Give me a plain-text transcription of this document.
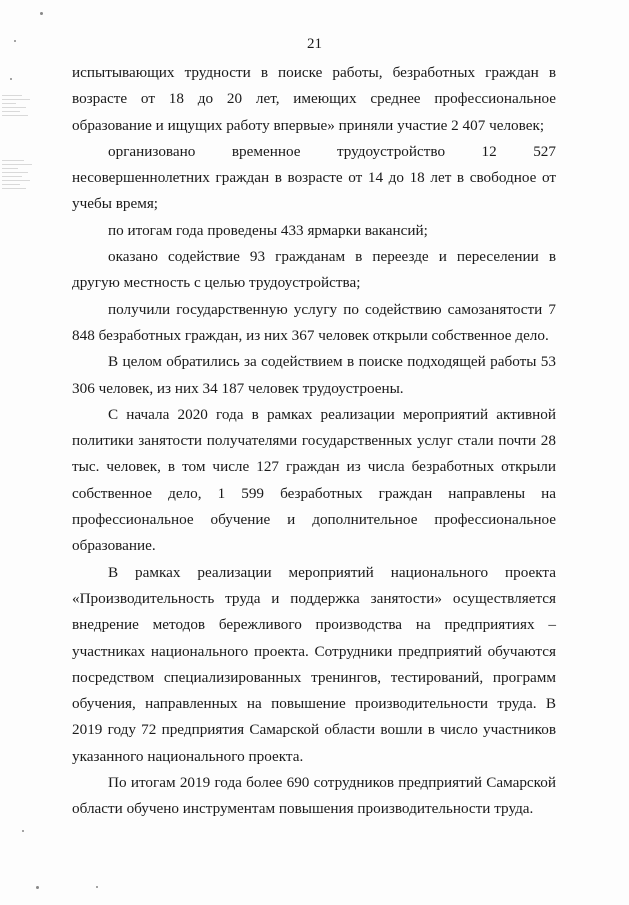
21

испытывающих трудности в поиске работы, безработных граждан в возрасте от 18 до 20 лет, имеющих среднее профессиональное образование и ищущих работу впервые» приняли участие 2 407 человек;

организовано временное трудоустройство 12 527 несовершеннолетних граждан в возрасте от 14 до 18 лет в свободное от учебы время;

по итогам года проведены 433 ярмарки вакансий;

оказано содействие 93 гражданам в переезде и переселении в другую местность с целью трудоустройства;

получили государственную услугу по содействию самозанятости 7 848 безработных граждан, из них 367 человек открыли собственное дело.

В целом обратились за содействием в поиске подходящей работы 53 306 человек, из них 34 187 человек трудоустроены.

С начала 2020 года в рамках реализации мероприятий активной политики занятости получателями государственных услуг стали почти 28 тыс. человек, в том числе 127 граждан из числа безработных открыли собственное дело, 1 599 безработных граждан направлены на профессиональное обучение и дополнительное профессиональное образование.

В рамках реализации мероприятий национального проекта «Производительность труда и поддержка занятости» осуществляется внедрение методов бережливого производства на предприятиях – участниках национального проекта. Сотрудники предприятий обучаются посредством специализированных тренингов, тестирований, программ обучения, направленных на повышение производительности труда. В 2019 году 72 предприятия Самарской области вошли в число участников указанного национального проекта.

По итогам 2019 года более 690 сотрудников предприятий Самарской области обучено инструментам повышения производительности труда.
